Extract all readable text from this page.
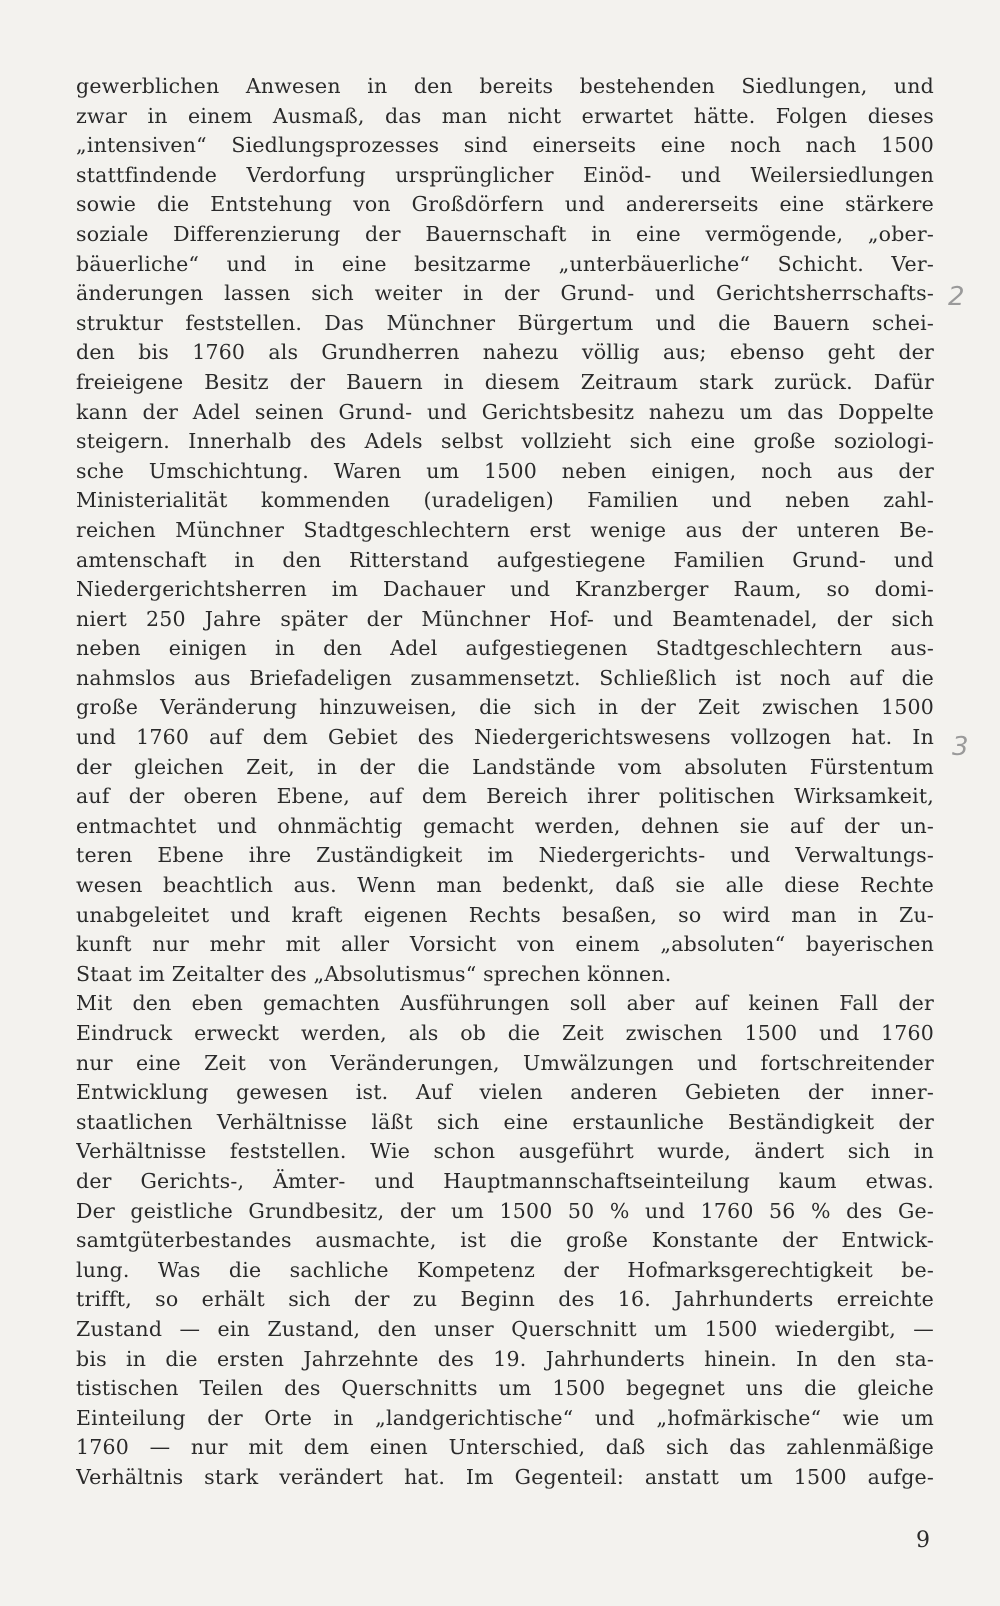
gewerblichen Anwesen in den bereits bestehenden Siedlungen, und
zwar in einem Ausmaß, das man nicht erwartet hätte. Folgen dieses
„intensiven“ Siedlungsprozesses sind einerseits eine noch nach 1500
stattfindende Verdorfung ursprünglicher Einöd- und Weilersiedlungen
sowie die Entstehung von Großdörfern und andererseits eine stärkere
soziale Differenzierung der Bauernschaft in eine vermögende, „ober-
bäuerliche“ und in eine besitzarme „unterbäuerliche“ Schicht. Ver-
änderungen lassen sich weiter in der Grund- und Gerichtsherrschafts-
struktur feststellen. Das Münchner Bürgertum und die Bauern schei-
den bis 1760 als Grundherren nahezu völlig aus; ebenso geht der
freieigene Besitz der Bauern in diesem Zeitraum stark zurück. Dafür
kann der Adel seinen Grund- und Gerichtsbesitz nahezu um das Doppelte
steigern. Innerhalb des Adels selbst vollzieht sich eine große soziologi-
sche Umschichtung. Waren um 1500 neben einigen, noch aus der
Ministerialität kommenden (uradeligen) Familien und neben zahl-
reichen Münchner Stadtgeschlechtern erst wenige aus der unteren Be-
amtenschaft in den Ritterstand aufgestiegene Familien Grund- und
Niedergerichtsherren im Dachauer und Kranzberger Raum, so domi-
niert 250 Jahre später der Münchner Hof- und Beamtenadel, der sich
neben einigen in den Adel aufgestiegenen Stadtgeschlechtern aus-
nahmslos aus Briefadeligen zusammensetzt. Schließlich ist noch auf die
große Veränderung hinzuweisen, die sich in der Zeit zwischen 1500
und 1760 auf dem Gebiet des Niedergerichtswesens vollzogen hat. In
der gleichen Zeit, in der die Landstände vom absoluten Fürstentum
auf der oberen Ebene, auf dem Bereich ihrer politischen Wirksamkeit,
entmachtet und ohnmächtig gemacht werden, dehnen sie auf der un-
teren Ebene ihre Zuständigkeit im Niedergerichts- und Verwaltungs-
wesen beachtlich aus. Wenn man bedenkt, daß sie alle diese Rechte
unabgeleitet und kraft eigenen Rechts besaßen, so wird man in Zu-
kunft nur mehr mit aller Vorsicht von einem „absoluten“ bayerischen
Staat im Zeitalter des „Absolutismus“ sprechen können.
Mit den eben gemachten Ausführungen soll aber auf keinen Fall der
Eindruck erweckt werden, als ob die Zeit zwischen 1500 und 1760
nur eine Zeit von Veränderungen, Umwälzungen und fortschreitender
Entwicklung gewesen ist. Auf vielen anderen Gebieten der inner-
staatlichen Verhältnisse läßt sich eine erstaunliche Beständigkeit der
Verhältnisse feststellen. Wie schon ausgeführt wurde, ändert sich in
der Gerichts-, Ämter- und Hauptmannschaftseinteilung kaum etwas.
Der geistliche Grundbesitz, der um 1500 50 % und 1760 56 % des Ge-
samtgüterbestandes ausmachte, ist die große Konstante der Entwick-
lung. Was die sachliche Kompetenz der Hofmarksgerechtigkeit be-
trifft, so erhält sich der zu Beginn des 16. Jahrhunderts erreichte
Zustand — ein Zustand, den unser Querschnitt um 1500 wiedergibt, —
bis in die ersten Jahrzehnte des 19. Jahrhunderts hinein. In den sta-
tistischen Teilen des Querschnitts um 1500 begegnet uns die gleiche
Einteilung der Orte in „landgerichtische“ und „hofmärkische“ wie um
1760 — nur mit dem einen Unterschied, daß sich das zahlenmäßige
Verhältnis stark verändert hat. Im Gegenteil: anstatt um 1500 aufge-
2
3
9
